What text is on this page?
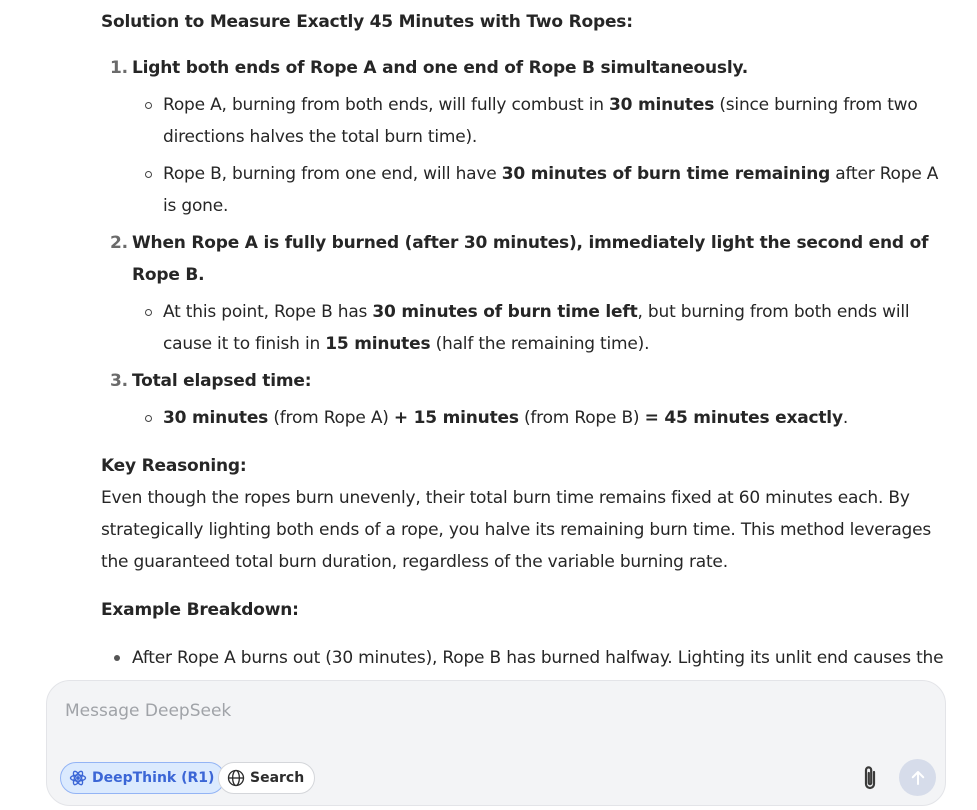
Solution to Measure Exactly 45 Minutes with Two Ropes:

Light both ends of Rope A and one end of Rope B simultaneously.
Rope A, burning from both ends, will fully combust in 30 minutes (since burning from two directions halves the total burn time).
Rope B, burning from one end, will have 30 minutes of burn time remaining after Rope A is gone.
When Rope A is fully burned (after 30 minutes), immediately light the second end of Rope B.
At this point, Rope B has 30 minutes of burn time left, but burning from both ends will cause it to finish in 15 minutes (half the remaining time).
Total elapsed time:
30 minutes (from Rope A) + 15 minutes (from Rope B) = 45 minutes exactly.

Key Reasoning:

Even though the ropes burn unevenly, their total burn time remains fixed at 60 minutes each. By strategically lighting both ends of a rope, you halve its remaining burn time. This method leverages the guaranteed total burn duration, regardless of the variable burning rate.

Example Breakdown:

After Rope A burns out (30 minutes), Rope B has burned halfway. Lighting its unlit end causes the
Message DeepSeek
DeepThink (R1)	Search
